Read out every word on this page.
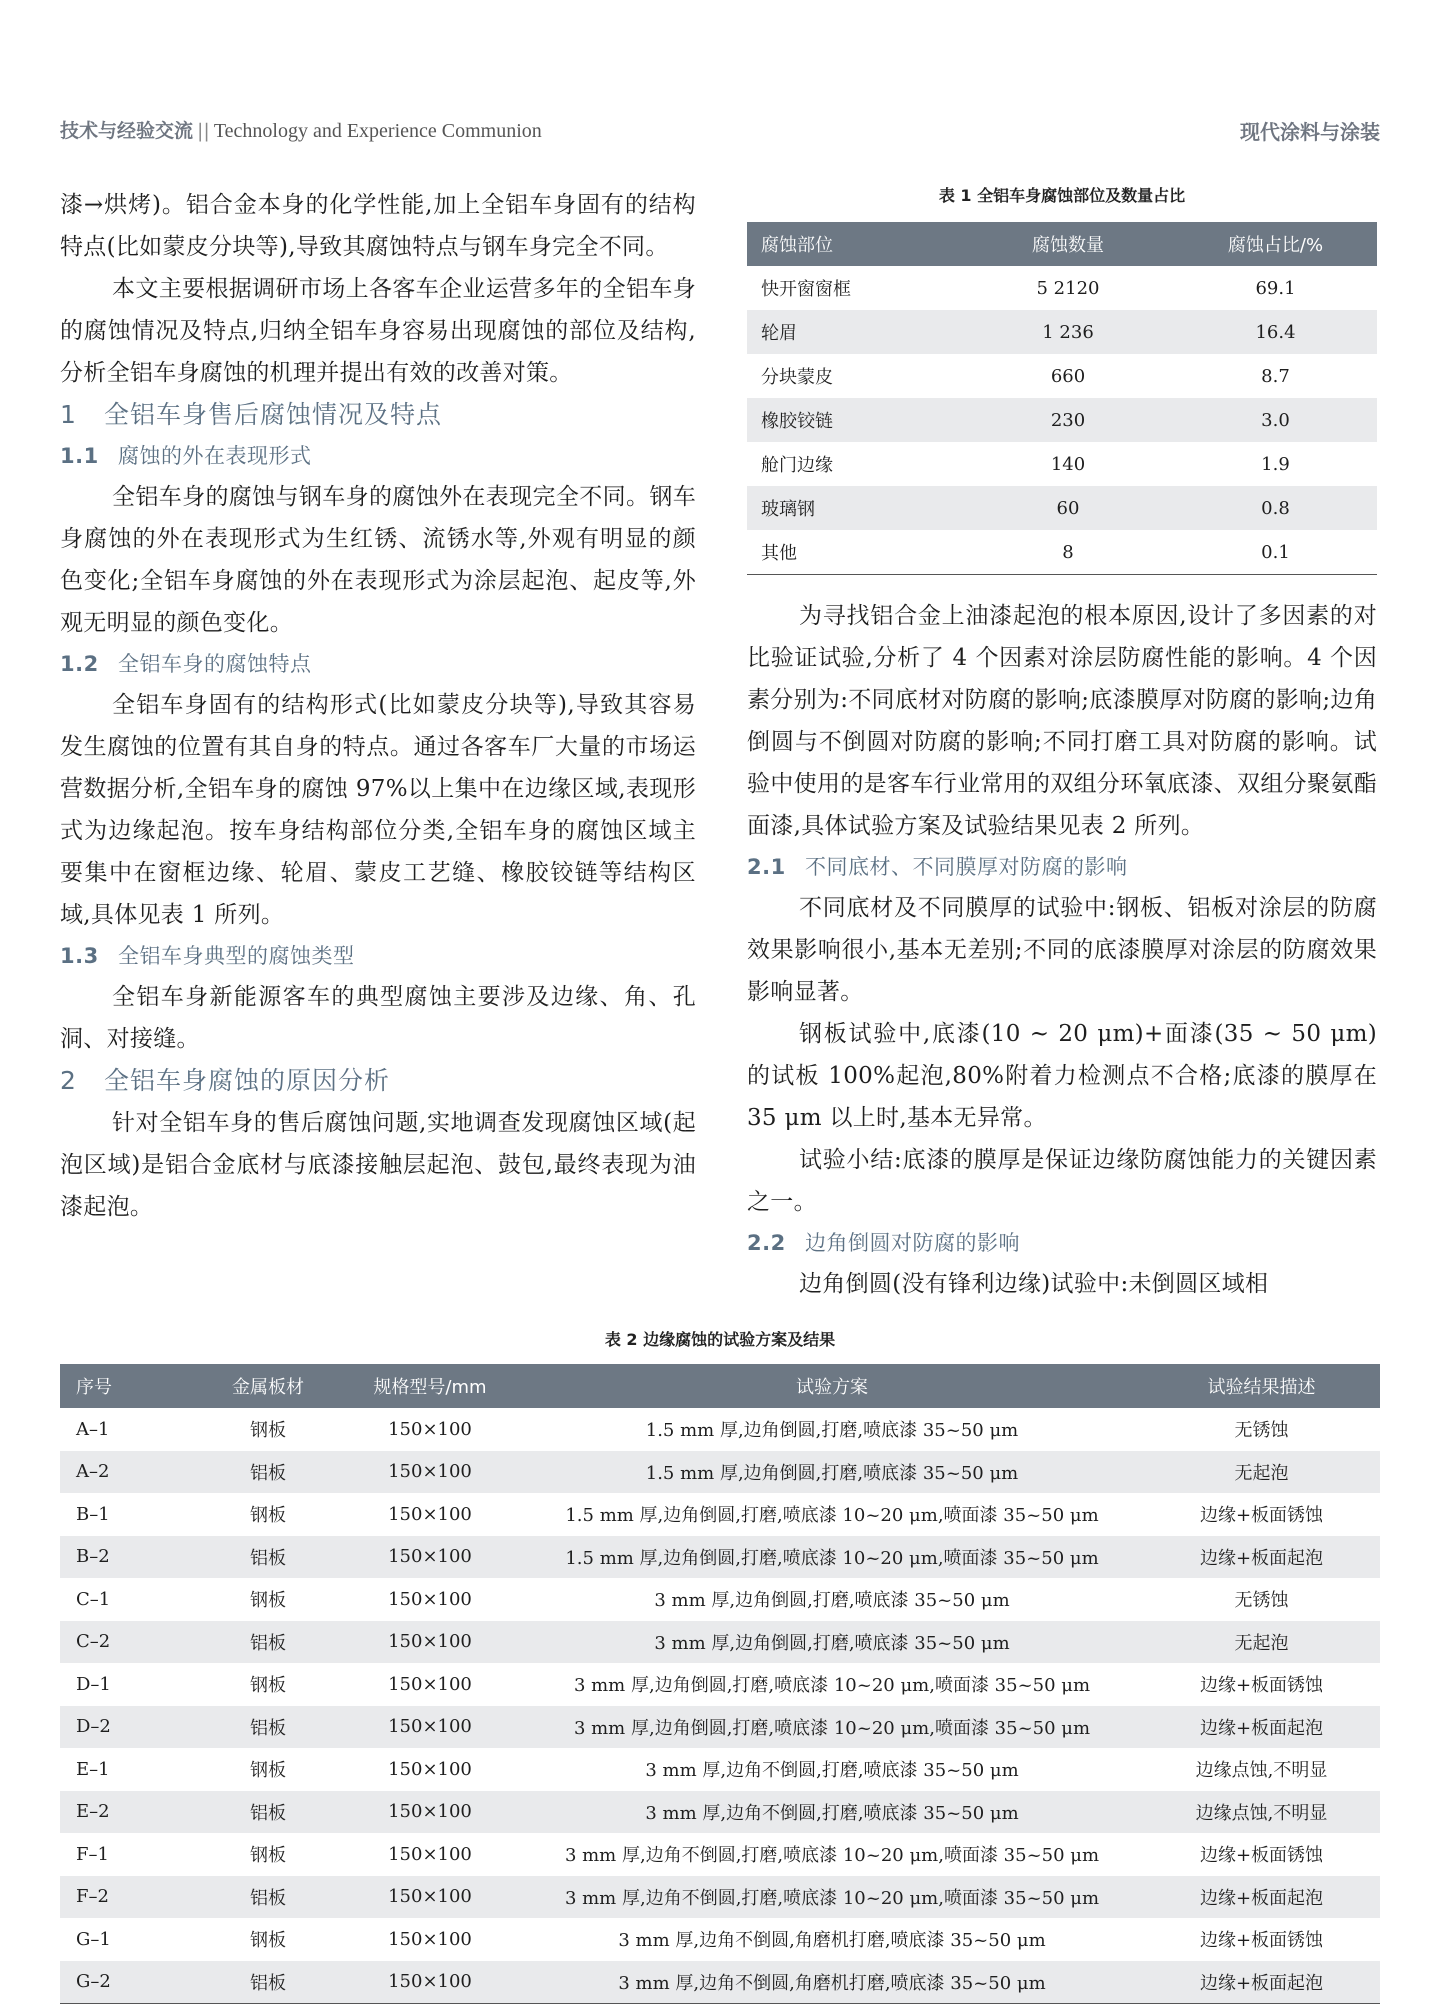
技术与经验交流 || Technology and Experience Communion	现代涂料与涂装

漆→烘烤)。铝合金本身的化学性能,加上全铝车身固有的结构特点(比如蒙皮分块等),导致其腐蚀特点与钢车身完全不同。

本文主要根据调研市场上各客车企业运营多年的全铝车身的腐蚀情况及特点,归纳全铝车身容易出现腐蚀的部位及结构,分析全铝车身腐蚀的机理并提出有效的改善对策。

1 全铝车身售后腐蚀情况及特点
1.1 腐蚀的外在表现形式

全铝车身的腐蚀与钢车身的腐蚀外在表现完全不同。钢车身腐蚀的外在表现形式为生红锈、流锈水等,外观有明显的颜色变化;全铝车身腐蚀的外在表现形式为涂层起泡、起皮等,外观无明显的颜色变化。

1.2 全铝车身的腐蚀特点

全铝车身固有的结构形式(比如蒙皮分块等),导致其容易发生腐蚀的位置有其自身的特点。通过各客车厂大量的市场运营数据分析,全铝车身的腐蚀 97%以上集中在边缘区域,表现形式为边缘起泡。按车身结构部位分类,全铝车身的腐蚀区域主要集中在窗框边缘、轮眉、蒙皮工艺缝、橡胶铰链等结构区域,具体见表 1 所列。

1.3 全铝车身典型的腐蚀类型

全铝车身新能源客车的典型腐蚀主要涉及边缘、角、孔洞、对接缝。

2 全铝车身腐蚀的原因分析

针对全铝车身的售后腐蚀问题,实地调查发现腐蚀区域(起泡区域)是铝合金底材与底漆接触层起泡、鼓包,最终表现为油漆起泡。

表 1 全铝车身腐蚀部位及数量占比

腐蚀部位	腐蚀数量	腐蚀占比/%
快开窗窗框	5 2120	69.1
轮眉	1 236	16.4
分块蒙皮	660	8.7
橡胶铰链	230	3.0
舱门边缘	140	1.9
玻璃钢	60	0.8
其他	8	0.1

为寻找铝合金上油漆起泡的根本原因,设计了多因素的对比验证试验,分析了 4 个因素对涂层防腐性能的影响。4 个因素分别为:不同底材对防腐的影响;底漆膜厚对防腐的影响;边角倒圆与不倒圆对防腐的影响;不同打磨工具对防腐的影响。试验中使用的是客车行业常用的双组分环氧底漆、双组分聚氨酯面漆,具体试验方案及试验结果见表 2 所列。

2.1 不同底材、不同膜厚对防腐的影响

不同底材及不同膜厚的试验中:钢板、铝板对涂层的防腐效果影响很小,基本无差别;不同的底漆膜厚对涂层的防腐效果影响显著。

钢板试验中,底漆(10 ~ 20 μm)+面漆(35 ~ 50 μm) 的试板 100%起泡,80%附着力检测点不合格;底漆的膜厚在 35 μm 以上时,基本无异常。

试验小结:底漆的膜厚是保证边缘防腐蚀能力的关键因素之一。

2.2 边角倒圆对防腐的影响

边角倒圆(没有锋利边缘)试验中:未倒圆区域相

表 2 边缘腐蚀的试验方案及结果

序号	金属板材	规格型号/mm	试验方案	试验结果描述
A–1	钢板	150×100	1.5 mm 厚,边角倒圆,打磨,喷底漆 35~50 μm	无锈蚀
A–2	铝板	150×100	1.5 mm 厚,边角倒圆,打磨,喷底漆 35~50 μm	无起泡
B–1	钢板	150×100	1.5 mm 厚,边角倒圆,打磨,喷底漆 10~20 μm,喷面漆 35~50 μm	边缘+板面锈蚀
B–2	铝板	150×100	1.5 mm 厚,边角倒圆,打磨,喷底漆 10~20 μm,喷面漆 35~50 μm	边缘+板面起泡
C–1	钢板	150×100	3 mm 厚,边角倒圆,打磨,喷底漆 35~50 μm	无锈蚀
C–2	铝板	150×100	3 mm 厚,边角倒圆,打磨,喷底漆 35~50 μm	无起泡
D–1	钢板	150×100	3 mm 厚,边角倒圆,打磨,喷底漆 10~20 μm,喷面漆 35~50 μm	边缘+板面锈蚀
D–2	铝板	150×100	3 mm 厚,边角倒圆,打磨,喷底漆 10~20 μm,喷面漆 35~50 μm	边缘+板面起泡
E–1	钢板	150×100	3 mm 厚,边角不倒圆,打磨,喷底漆 35~50 μm	边缘点蚀,不明显
E–2	铝板	150×100	3 mm 厚,边角不倒圆,打磨,喷底漆 35~50 μm	边缘点蚀,不明显
F–1	钢板	150×100	3 mm 厚,边角不倒圆,打磨,喷底漆 10~20 μm,喷面漆 35~50 μm	边缘+板面锈蚀
F–2	铝板	150×100	3 mm 厚,边角不倒圆,打磨,喷底漆 10~20 μm,喷面漆 35~50 μm	边缘+板面起泡
G–1	钢板	150×100	3 mm 厚,边角不倒圆,角磨机打磨,喷底漆 35~50 μm	边缘+板面锈蚀
G–2	铝板	150×100	3 mm 厚,边角不倒圆,角磨机打磨,喷底漆 35~50 μm	边缘+板面起泡
